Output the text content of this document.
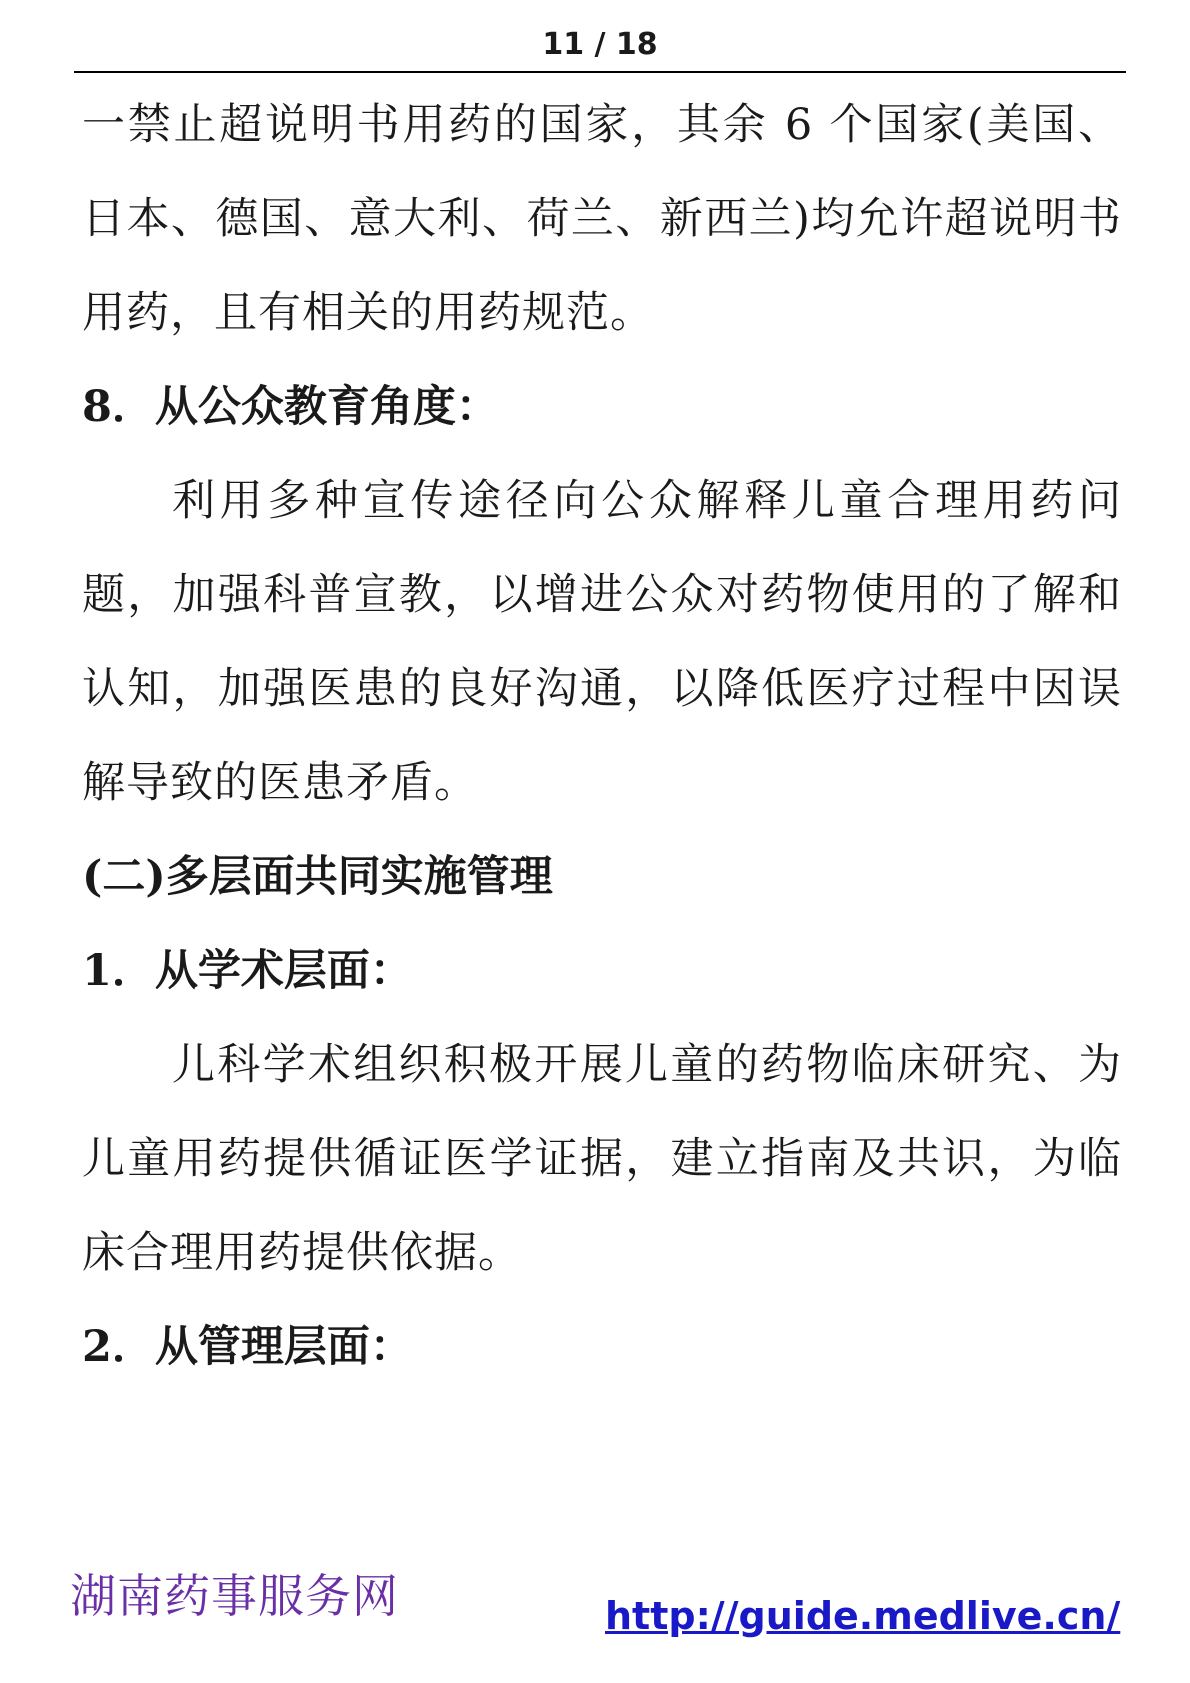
11 / 18

一禁止超说明书用药的国家，其余 6 个国家(美国、日本、德国、意大利、荷兰、新西兰)均允许超说明书用药，且有相关的用药规范。

8．从公众教育角度：

利用多种宣传途径向公众解释儿童合理用药问题，加强科普宣教，以增进公众对药物使用的了解和认知，加强医患的良好沟通，以降低医疗过程中因误解导致的医患矛盾。

(二)多层面共同实施管理

1．从学术层面：

儿科学术组织积极开展儿童的药物临床研究、为儿童用药提供循证医学证据，建立指南及共识，为临床合理用药提供依据。

2．从管理层面：

湖南药事服务网	http://guide.medlive.cn/
